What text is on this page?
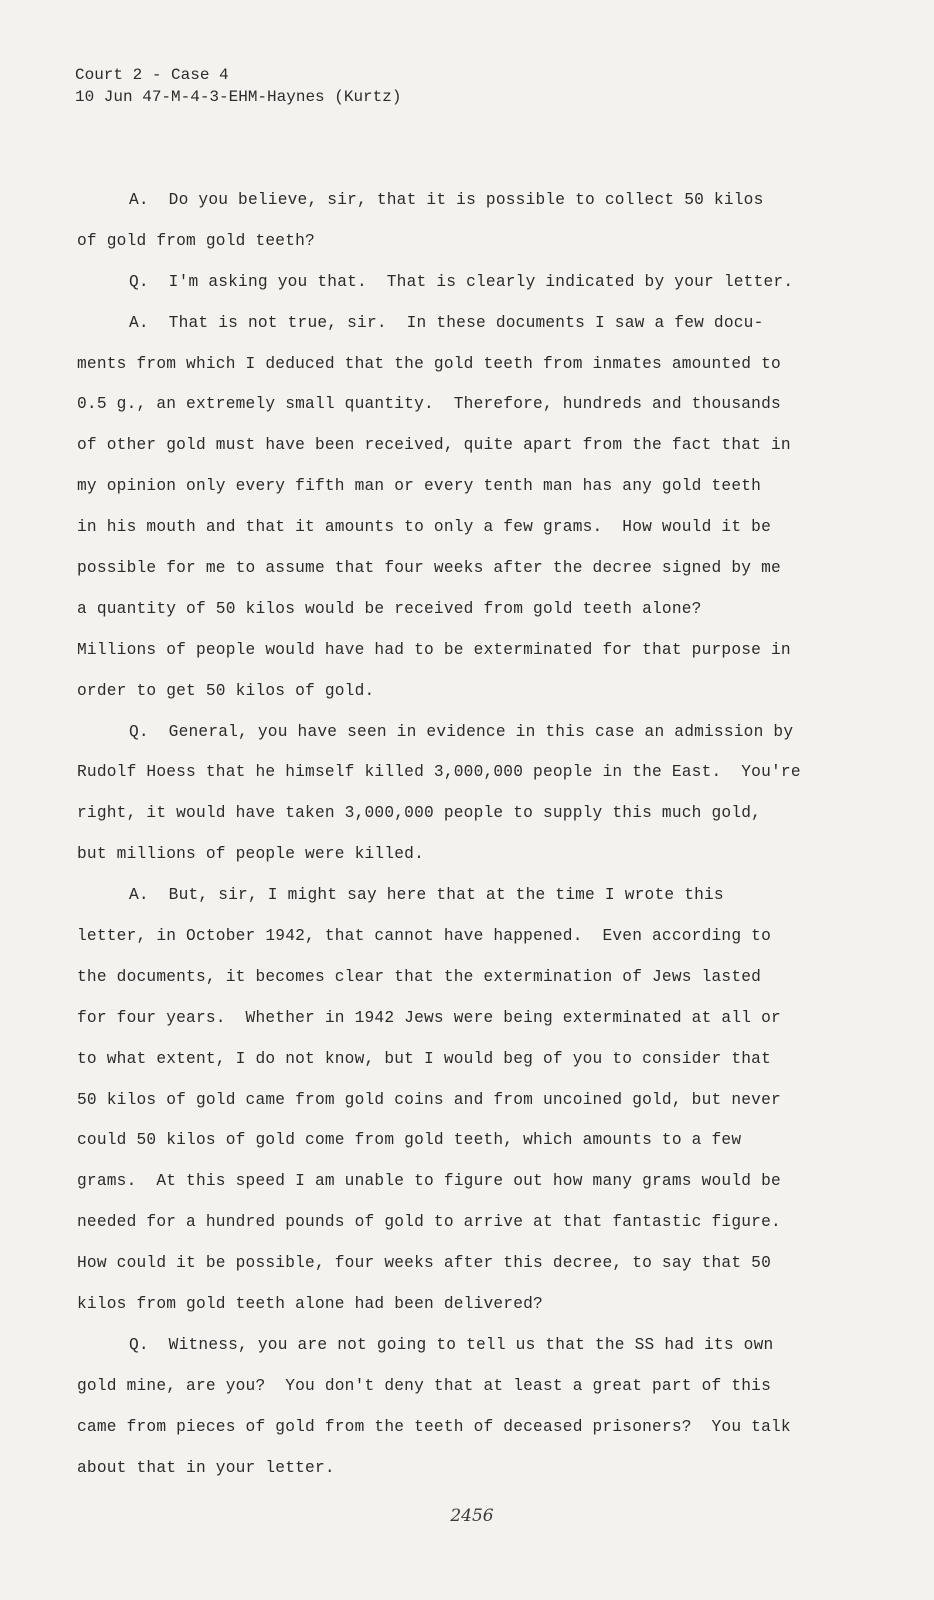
Court 2 - Case 4
10 Jun 47-M-4-3-EHM-Haynes (Kurtz)
A.  Do you believe, sir, that it is possible to collect 50 kilos
of gold from gold teeth?
Q.  I'm asking you that.  That is clearly indicated by your letter.
A.  That is not true, sir.  In these documents I saw a few docu-
ments from which I deduced that the gold teeth from inmates amounted to
0.5 g., an extremely small quantity.  Therefore, hundreds and thousands
of other gold must have been received, quite apart from the fact that in
my opinion only every fifth man or every tenth man has any gold teeth
in his mouth and that it amounts to only a few grams.  How would it be
possible for me to assume that four weeks after the decree signed by me
a quantity of 50 kilos would be received from gold teeth alone?
Millions of people would have had to be exterminated for that purpose in
order to get 50 kilos of gold.
Q.  General, you have seen in evidence in this case an admission by
Rudolf Hoess that he himself killed 3,000,000 people in the East.  You're
right, it would have taken 3,000,000 people to supply this much gold,
but millions of people were killed.
A.  But, sir, I might say here that at the time I wrote this
letter, in October 1942, that cannot have happened.  Even according to
the documents, it becomes clear that the extermination of Jews lasted
for four years.  Whether in 1942 Jews were being exterminated at all or
to what extent, I do not know, but I would beg of you to consider that
50 kilos of gold came from gold coins and from uncoined gold, but never
could 50 kilos of gold come from gold teeth, which amounts to a few
grams.  At this speed I am unable to figure out how many grams would be
needed for a hundred pounds of gold to arrive at that fantastic figure.
How could it be possible, four weeks after this decree, to say that 50
kilos from gold teeth alone had been delivered?
Q.  Witness, you are not going to tell us that the SS had its own
gold mine, are you?  You don't deny that at least a great part of this
came from pieces of gold from the teeth of deceased prisoners?  You talk
about that in your letter.
2456
